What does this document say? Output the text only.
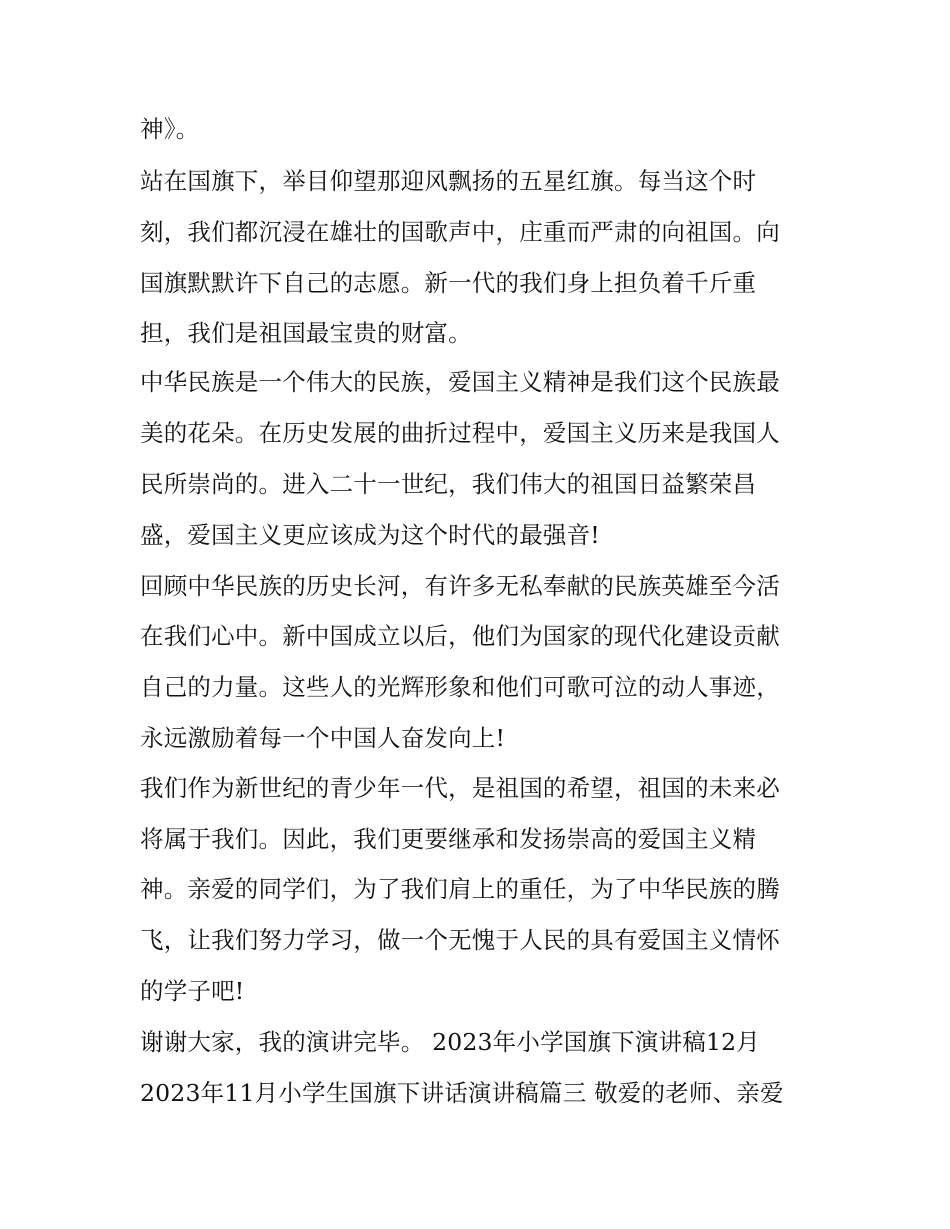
神》。
站在国旗下，举目仰望那迎风飘扬的五星红旗。每当这个时
刻，我们都沉浸在雄壮的国歌声中，庄重而严肃的向祖国。向
国旗默默许下自己的志愿。新一代的我们身上担负着千斤重
担，我们是祖国最宝贵的财富。
中华民族是一个伟大的民族，爱国主义精神是我们这个民族最
美的花朵。在历史发展的曲折过程中，爱国主义历来是我国人
民所崇尚的。进入二十一世纪，我们伟大的祖国日益繁荣昌
盛，爱国主义更应该成为这个时代的最强音!
回顾中华民族的历史长河，有许多无私奉献的民族英雄至今活
在我们心中。新中国成立以后，他们为国家的现代化建设贡献
自己的力量。这些人的光辉形象和他们可歌可泣的动人事迹，
永远激励着每一个中国人奋发向上!
我们作为新世纪的青少年一代，是祖国的希望，祖国的未来必
将属于我们。因此，我们更要继承和发扬崇高的爱国主义精
神。亲爱的同学们，为了我们肩上的重任，为了中华民族的腾
飞，让我们努力学习，做一个无愧于人民的具有爱国主义情怀
的学子吧!
谢谢大家，我的演讲完毕。 2023年小学国旗下演讲稿12月
2023年11月小学生国旗下讲话演讲稿篇三 敬爱的老师、亲爱
